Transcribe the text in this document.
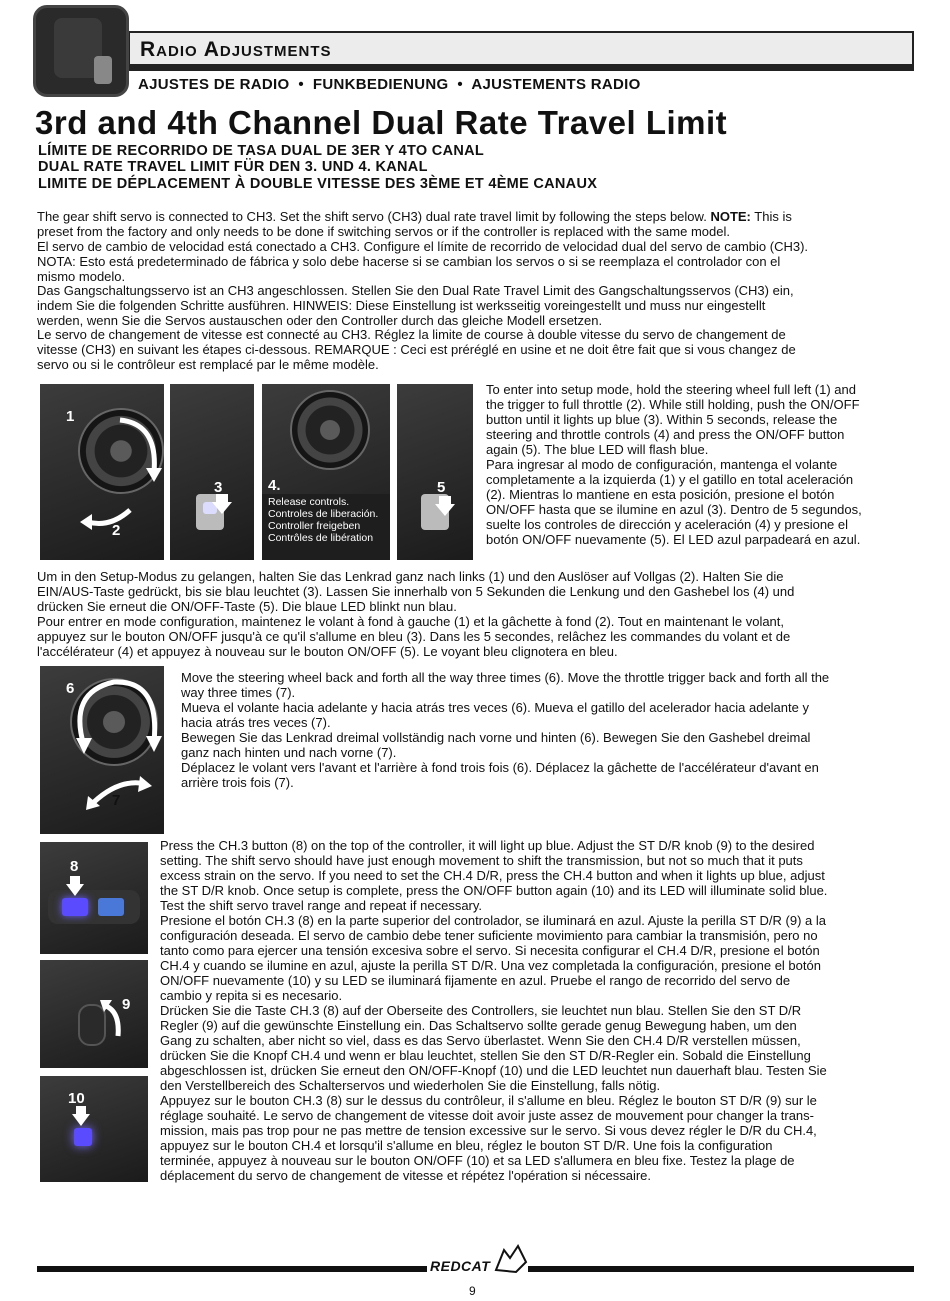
Radio Adjustments
AJUSTES DE RADIO  •  FUNKBEDIENUNG  •  AJUSTEMENTS RADIO
3rd and 4th Channel Dual Rate Travel Limit
LÍMITE DE RECORRIDO DE TASA DUAL DE 3ER Y 4TO CANAL
DUAL RATE TRAVEL LIMIT FÜR DEN 3. UND 4. KANAL
LIMITE DE DÉPLACEMENT À DOUBLE VITESSE DES 3ÈME ET 4ÈME CANAUX
The gear shift servo is connected to CH3. Set the shift servo (CH3) dual rate travel limit by following the steps below. NOTE: This is
preset from the factory and only needs to be done if switching servos or if the controller is replaced with the same model.
El servo de cambio de velocidad está conectado a CH3. Configure el límite de recorrido de velocidad dual del servo de cambio (CH3).
NOTA: Esto está predeterminado de fábrica y solo debe hacerse si se cambian los servos o si se reemplaza el controlador con el
mismo modelo.
Das Gangschaltungsservo ist an CH3 angeschlossen. Stellen Sie den Dual Rate Travel Limit des Gangschaltungsservos (CH3) ein,
indem Sie die folgenden Schritte ausführen. HINWEIS: Diese Einstellung ist werksseitig voreingestellt und muss nur eingestellt
werden, wenn Sie die Servos austauschen oder den Controller durch das gleiche Modell ersetzen.
Le servo de changement de vitesse est connecté au CH3. Réglez la limite de course à double vitesse du servo de changement de
vitesse (CH3) en suivant les étapes ci-dessous. REMARQUE : Ceci est préréglé en usine et ne doit être fait que si vous changez de
servo ou si le contrôleur est remplacé par le même modèle.
1
2
3	4.
Release controls.
Controles de liberación.
Controller freigeben
Contrôles de libération
5
To enter into setup mode, hold the steering wheel full left (1) and
the trigger to full throttle (2). While still holding, push the ON/OFF
button until it lights up blue (3). Within 5 seconds, release the
steering and throttle controls (4) and press the ON/OFF button
again (5). The blue LED will flash blue.
Para ingresar al modo de configuración, mantenga el volante
completamente a la izquierda (1) y el gatillo en total aceleración
(2). Mientras lo mantiene en esta posición, presione el botón
ON/OFF hasta que se ilumine en azul (3). Dentro de 5 segundos,
suelte los controles de dirección y aceleración (4) y presione el
botón ON/OFF nuevamente (5). El LED azul parpadeará en azul.
Um in den Setup-Modus zu gelangen, halten Sie das Lenkrad ganz nach links (1) und den Auslöser auf Vollgas (2). Halten Sie die
EIN/AUS-Taste gedrückt, bis sie blau leuchtet (3). Lassen Sie innerhalb von 5 Sekunden die Lenkung und den Gashebel los (4) und
drücken Sie erneut die ON/OFF-Taste (5). Die blaue LED blinkt nun blau.
Pour entrer en mode configuration, maintenez le volant à fond à gauche (1) et la gâchette à fond (2). Tout en maintenant le volant,
appuyez sur le bouton ON/OFF jusqu'à ce qu'il s'allume en bleu (3). Dans les 5 secondes, relâchez les commandes du volant et de
l'accélérateur (4) et appuyez à nouveau sur le bouton ON/OFF (5). Le voyant bleu clignotera en bleu.
6
7
Move the steering wheel back and forth all the way three times (6). Move the throttle trigger back and forth all the
way three times (7).
Mueva el volante hacia adelante y hacia atrás tres veces (6). Mueva el gatillo del acelerador hacia adelante y
hacia atrás tres veces (7).
Bewegen Sie das Lenkrad dreimal vollständig nach vorne und hinten (6). Bewegen Sie den Gashebel dreimal
ganz nach hinten und nach vorne (7).
Déplacez le volant vers l'avant et l'arrière à fond trois fois (6). Déplacez la gâchette de l'accélérateur d'avant en
arrière trois fois (7).
8
9
10
Press the CH.3 button (8) on the top of the controller, it will light up blue. Adjust the ST D/R knob (9) to the desired
setting. The shift servo should have just enough movement to shift the transmission, but not so much that it puts
excess strain on the servo. If you need to set the CH.4 D/R, press the CH.4 button and when it lights up blue, adjust
the ST D/R knob. Once setup is complete, press the ON/OFF button again (10) and its LED will illuminate solid blue.
Test the shift servo travel range and repeat if necessary.
Presione el botón CH.3 (8) en la parte superior del controlador, se iluminará en azul. Ajuste la perilla ST D/R (9) a la
configuración deseada. El servo de cambio debe tener suficiente movimiento para cambiar la transmisión, pero no
tanto como para ejercer una tensión excesiva sobre el servo. Si necesita configurar el CH.4 D/R, presione el botón
CH.4 y cuando se ilumine en azul, ajuste la perilla ST D/R. Una vez completada la configuración, presione el botón
ON/OFF nuevamente (10) y su LED se iluminará fijamente en azul. Pruebe el rango de recorrido del servo de
cambio y repita si es necesario.
Drücken Sie die Taste CH.3 (8) auf der Oberseite des Controllers, sie leuchtet nun blau. Stellen Sie den ST D/R
Regler (9) auf die gewünschte Einstellung ein. Das Schaltservo sollte gerade genug Bewegung haben, um den
Gang zu schalten, aber nicht so viel, dass es das Servo überlastet. Wenn Sie den CH.4 D/R verstellen müssen,
drücken Sie die Knopf CH.4 und wenn er blau leuchtet, stellen Sie den ST D/R-Regler ein. Sobald die Einstellung
abgeschlossen ist, drücken Sie erneut den ON/OFF-Knopf (10) und die LED leuchtet nun dauerhaft blau. Testen Sie
den Verstellbereich des Schalterservos und wiederholen Sie die Einstellung, falls nötig.
Appuyez sur le bouton CH.3 (8) sur le dessus du contrôleur, il s'allume en bleu. Réglez le bouton ST D/R (9) sur le
réglage souhaité. Le servo de changement de vitesse doit avoir juste assez de mouvement pour changer la trans-
mission, mais pas trop pour ne pas mettre de tension excessive sur le servo. Si vous devez régler le D/R du CH.4,
appuyez sur le bouton CH.4 et lorsqu'il s'allume en bleu, réglez le bouton ST D/R. Une fois la configuration
terminée, appuyez à nouveau sur le bouton ON/OFF (10) et sa LED s'allumera en bleu fixe. Testez la plage de
déplacement du servo de changement de vitesse et répétez l'opération si nécessaire.
REDCAT
9
